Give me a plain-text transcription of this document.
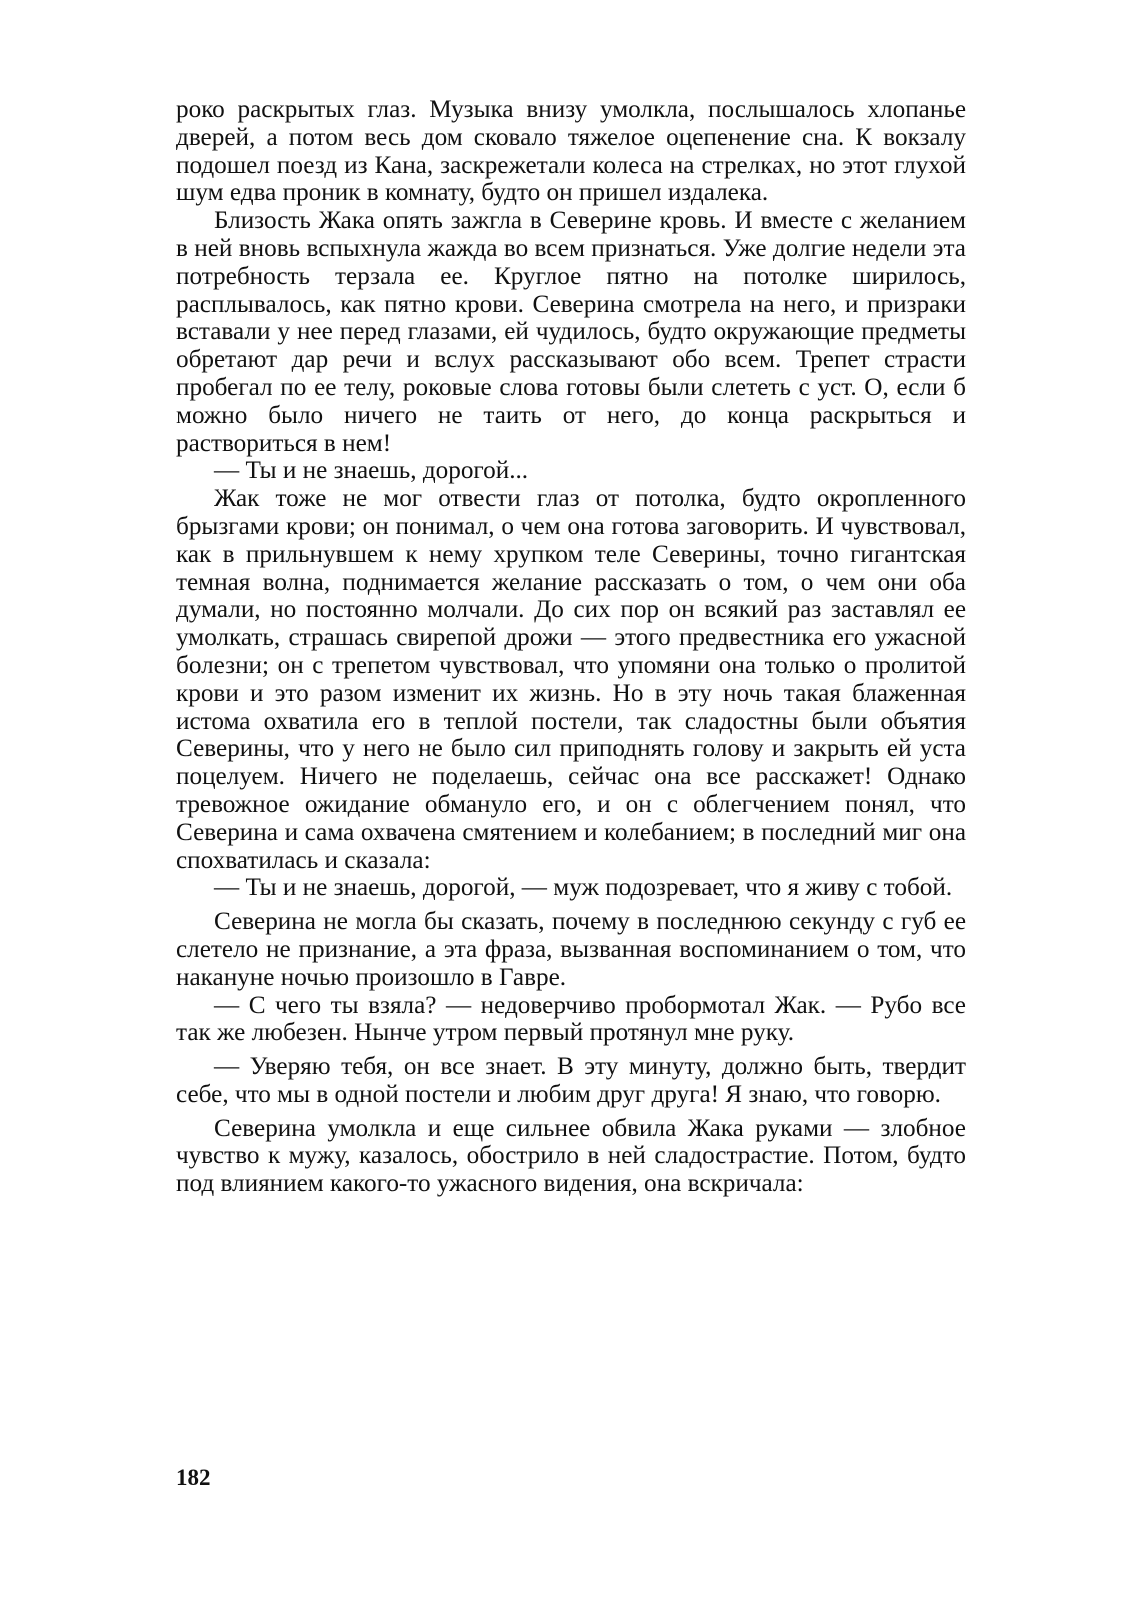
роко раскрытых глаз. Музыка внизу умолкла, послышалось хлопанье дверей, а потом весь дом сковало тяжелое оцепенение сна. К вокзалу подошел поезд из Кана, заскрежетали колеса на стрелках, но этот глухой шум едва проник в комнату, будто он пришел издалека.

Близость Жака опять зажгла в Северине кровь. И вместе с желанием в ней вновь вспыхнула жажда во всем признаться. Уже долгие недели эта потребность терзала ее. Круглое пятно на потолке ширилось, расплывалось, как пятно крови. Северина смотрела на него, и призраки вставали у нее перед глазами, ей чудилось, будто окружающие предметы обретают дар речи и вслух рассказывают обо всем. Трепет страсти пробегал по ее телу, роковые слова готовы были слететь с уст. О, если б можно было ничего не таить от него, до конца раскрыться и раствориться в нем!

— Ты и не знаешь, дорогой...

Жак тоже не мог отвести глаз от потолка, будто окропленного брызгами крови; он понимал, о чем она готова заговорить. И чувствовал, как в прильнувшем к нему хрупком теле Северины, точно гигантская темная волна, поднимается желание рассказать о том, о чем они оба думали, но постоянно молчали. До сих пор он всякий раз заставлял ее умолкать, страшась свирепой дрожи — этого предвестника его ужасной болезни; он с трепетом чувствовал, что упомяни она только о пролитой крови и это разом изменит их жизнь. Но в эту ночь такая блаженная истома охватила его в теплой постели, так сладостны были объятия Северины, что у него не было сил приподнять голову и закрыть ей уста поцелуем. Ничего не поделаешь, сейчас она все расскажет! Однако тревожное ожидание обмануло его, и он с облегчением понял, что Северина и сама охвачена смятением и колебанием; в последний миг она спохватилась и сказала:

— Ты и не знаешь, дорогой, — муж подозревает, что я живу с тобой.

Северина не могла бы сказать, почему в последнюю секунду с губ ее слетело не признание, а эта фраза, вызванная воспоминанием о том, что накануне ночью произошло в Гавре.

— С чего ты взяла? — недоверчиво пробормотал Жак. — Рубо все так же любезен. Нынче утром первый протянул мне руку.

— Уверяю тебя, он все знает. В эту минуту, должно быть, твердит себе, что мы в одной постели и любим друг друга! Я знаю, что говорю.

Северина умолкла и еще сильнее обвила Жака руками — злобное чувство к мужу, казалось, обострило в ней сладострастие. Потом, будто под влиянием какого-то ужасного видения, она вскричала:

182
